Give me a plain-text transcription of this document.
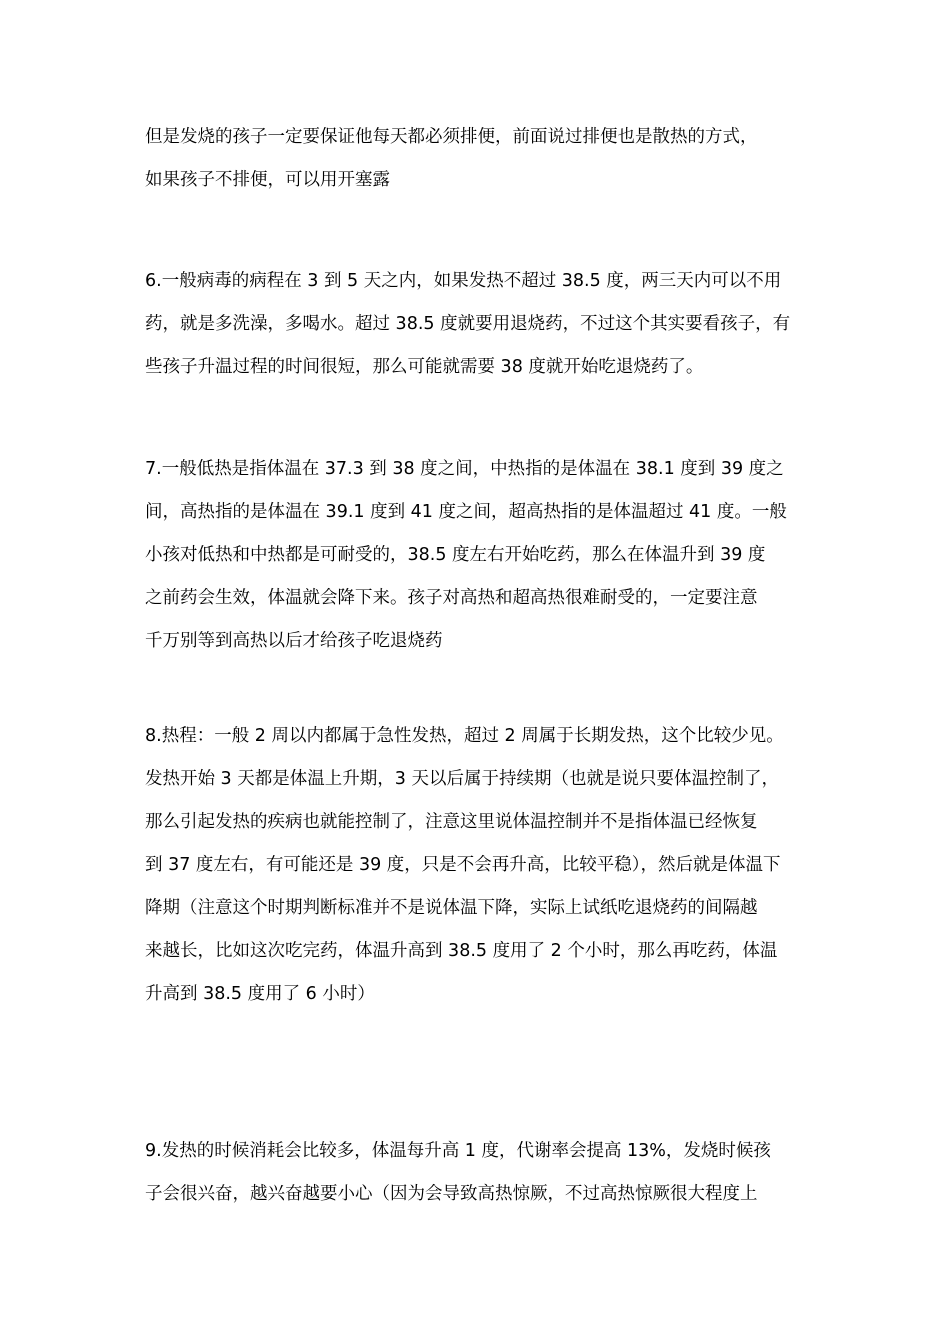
但是发烧的孩子一定要保证他每天都必须排便，前面说过排便也是散热的方式，
如果孩子不排便，可以用开塞露
6.一般病毒的病程在 3 到 5 天之内，如果发热不超过 38.5 度，两三天内可以不用
药，就是多洗澡，多喝水。超过 38.5 度就要用退烧药，不过这个其实要看孩子，有
些孩子升温过程的时间很短，那么可能就需要 38 度就开始吃退烧药了。
7.一般低热是指体温在 37.3 到 38 度之间，中热指的是体温在 38.1 度到 39 度之
间，高热指的是体温在 39.1 度到 41 度之间，超高热指的是体温超过 41 度。一般
小孩对低热和中热都是可耐受的，38.5 度左右开始吃药，那么在体温升到 39 度
之前药会生效，体温就会降下来。孩子对高热和超高热很难耐受的，一定要注意
千万别等到高热以后才给孩子吃退烧药
8.热程：一般 2 周以内都属于急性发热，超过 2 周属于长期发热，这个比较少见。
发热开始 3 天都是体温上升期，3 天以后属于持续期（也就是说只要体温控制了，
那么引起发热的疾病也就能控制了，注意这里说体温控制并不是指体温已经恢复
到 37 度左右，有可能还是 39 度，只是不会再升高，比较平稳），然后就是体温下
降期（注意这个时期判断标准并不是说体温下降，实际上试纸吃退烧药的间隔越
来越长，比如这次吃完药，体温升高到 38.5 度用了 2 个小时，那么再吃药，体温
升高到 38.5 度用了 6 小时）
9.发热的时候消耗会比较多，体温每升高 1 度，代谢率会提高 13%，发烧时候孩
子会很兴奋，越兴奋越要小心（因为会导致高热惊厥，不过高热惊厥很大程度上
